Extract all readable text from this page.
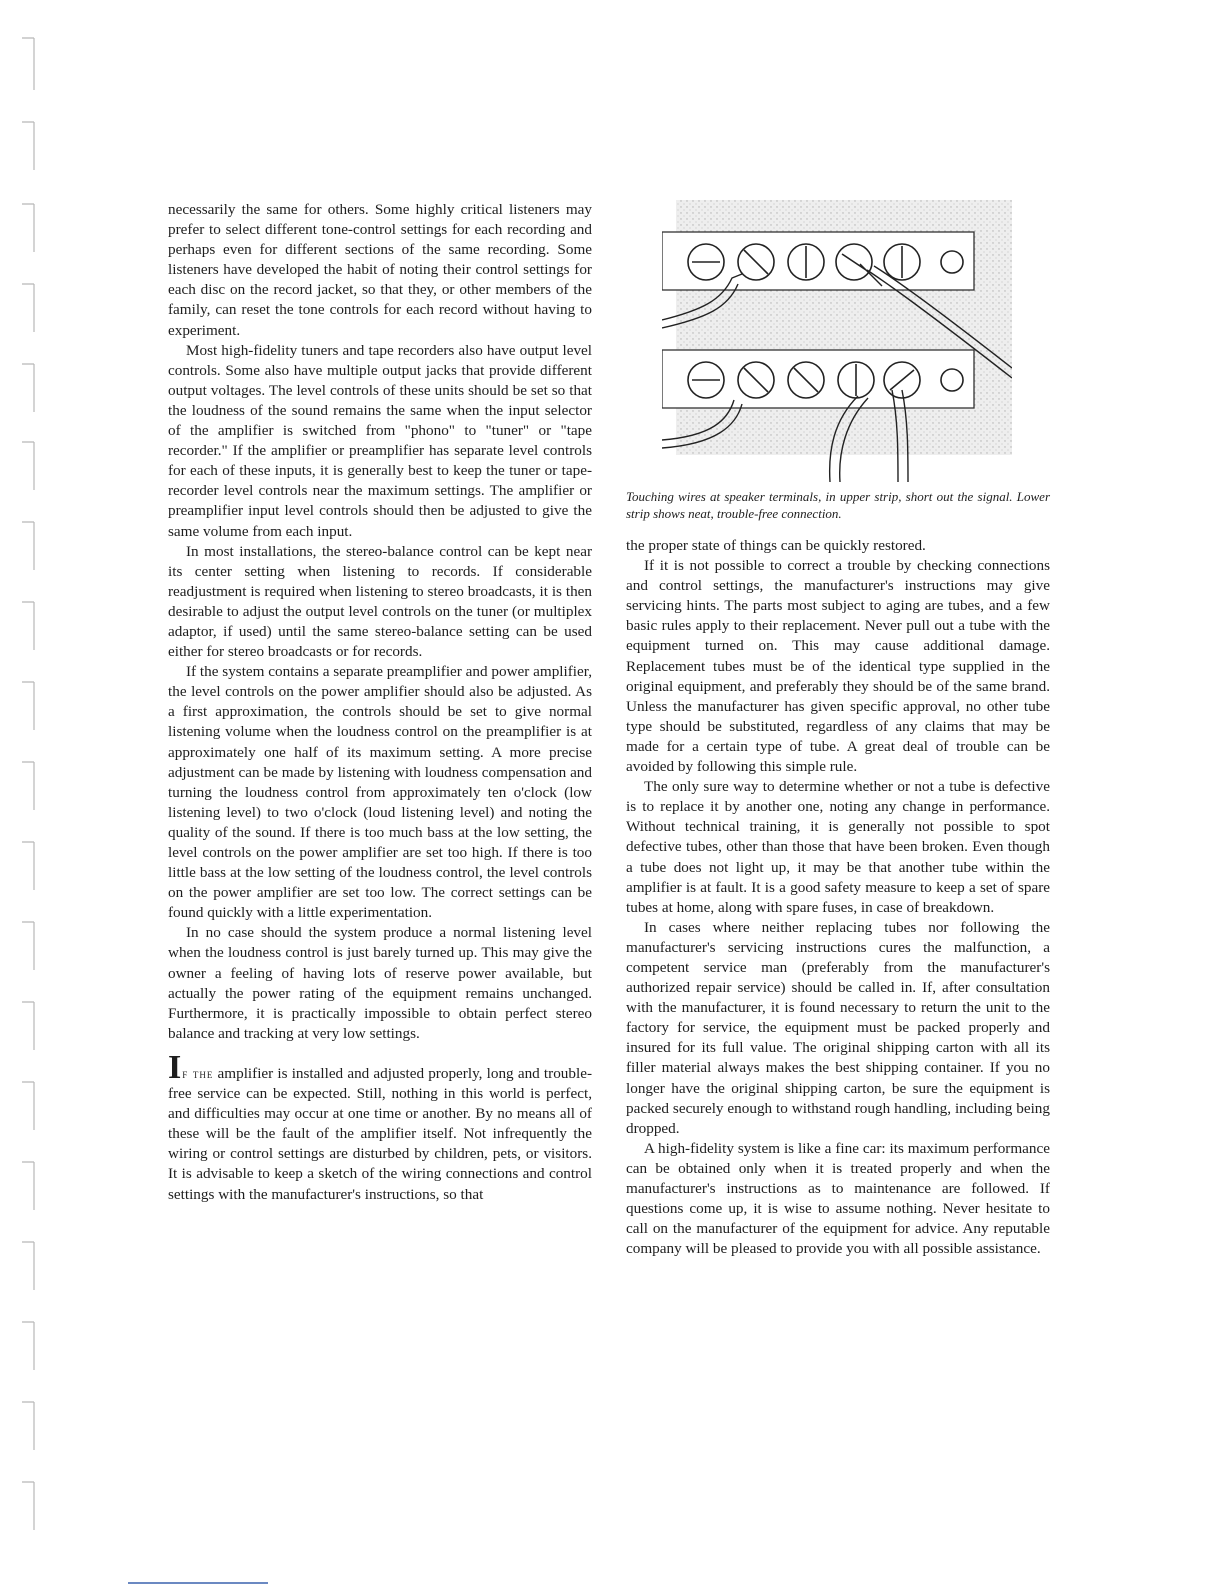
necessarily the same for others. Some highly critical listeners may prefer to select different tone-control settings for each recording and perhaps even for different sections of the same recording. Some listeners have developed the habit of noting their control settings for each disc on the record jacket, so that they, or other members of the family, can reset the tone controls for each record without having to experiment.

Most high-fidelity tuners and tape recorders also have output level controls. Some also have multiple output jacks that provide different output voltages. The level controls of these units should be set so that the loudness of the sound remains the same when the input selector of the amplifier is switched from "phono" to "tuner" or "tape recorder." If the amplifier or preamplifier has separate level controls for each of these inputs, it is generally best to keep the tuner or tape-recorder level controls near the maximum settings. The amplifier or preamplifier input level controls should then be adjusted to give the same volume from each input.

In most installations, the stereo-balance control can be kept near its center setting when listening to records. If considerable readjustment is required when listening to stereo broadcasts, it is then desirable to adjust the output level controls on the tuner (or multiplex adaptor, if used) until the same stereo-balance setting can be used either for stereo broadcasts or for records.

If the system contains a separate preamplifier and power amplifier, the level controls on the power amplifier should also be adjusted. As a first approximation, the controls should be set to give normal listening volume when the loudness control on the preamplifier is at approximately one half of its maximum setting. A more precise adjustment can be made by listening with loudness compensation and turning the loudness control from approximately ten o'clock (low listening level) to two o'clock (loud listening level) and noting the quality of the sound. If there is too much bass at the low setting, the level controls on the power amplifier are set too high. If there is too little bass at the low setting of the loudness control, the level controls on the power amplifier are set too low. The correct settings can be found quickly with a little experimentation.

In no case should the system produce a normal listening level when the loudness control is just barely turned up. This may give the owner a feeling of having lots of reserve power available, but actually the power rating of the equipment remains unchanged. Furthermore, it is practically impossible to obtain perfect stereo balance and tracking at very low settings.

If the amplifier is installed and adjusted properly, long and trouble-free service can be expected. Still, nothing in this world is perfect, and difficulties may occur at one time or another. By no means all of these will be the fault of the amplifier itself. Not infrequently the wiring or control settings are disturbed by children, pets, or visitors. It is advisable to keep a sketch of the wiring connections and control settings with the manufacturer's instructions, so that

Touching wires at speaker terminals, in upper strip, short out the signal. Lower strip shows neat, trouble-free connection.

the proper state of things can be quickly restored.

If it is not possible to correct a trouble by checking connections and control settings, the manufacturer's instructions may give servicing hints. The parts most subject to aging are tubes, and a few basic rules apply to their replacement. Never pull out a tube with the equipment turned on. This may cause additional damage. Replacement tubes must be of the identical type supplied in the original equipment, and preferably they should be of the same brand. Unless the manufacturer has given specific approval, no other tube type should be substituted, regardless of any claims that may be made for a certain type of tube. A great deal of trouble can be avoided by following this simple rule.

The only sure way to determine whether or not a tube is defective is to replace it by another one, noting any change in performance. Without technical training, it is generally not possible to spot defective tubes, other than those that have been broken. Even though a tube does not light up, it may be that another tube within the amplifier is at fault. It is a good safety measure to keep a set of spare tubes at home, along with spare fuses, in case of breakdown.

In cases where neither replacing tubes nor following the manufacturer's servicing instructions cures the malfunction, a competent service man (preferably from the manufacturer's authorized repair service) should be called in. If, after consultation with the manufacturer, it is found necessary to return the unit to the factory for service, the equipment must be packed properly and insured for its full value. The original shipping carton with all its filler material always makes the best shipping container. If you no longer have the original shipping carton, be sure the equipment is packed securely enough to withstand rough handling, including being dropped.

A high-fidelity system is like a fine car: its maximum performance can be obtained only when it is treated properly and when the manufacturer's instructions as to maintenance are followed. If questions come up, it is wise to assume nothing. Never hesitate to call on the manufacturer of the equipment for advice. Any reputable company will be pleased to provide you with all possible assistance.
